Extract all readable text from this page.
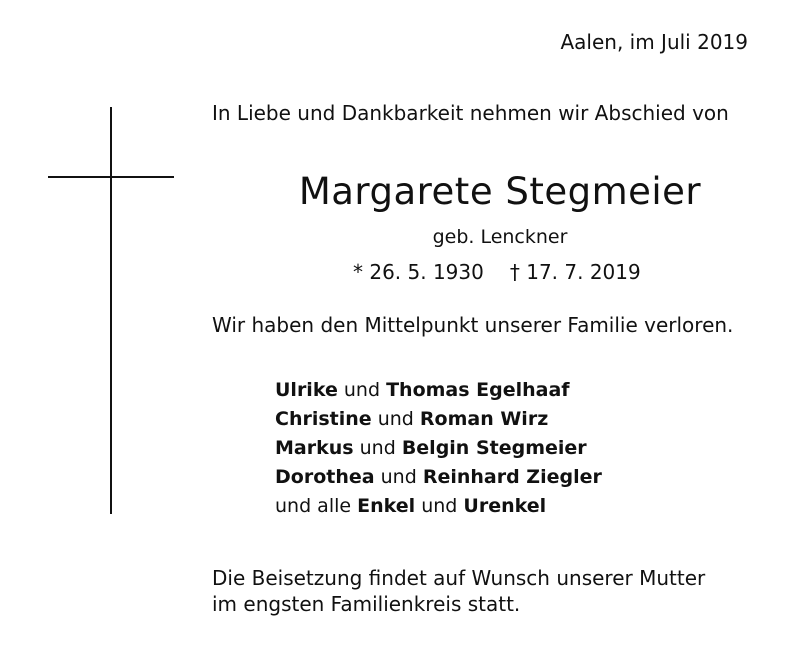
Aalen, im Juli 2019
In Liebe und Dankbarkeit nehmen wir Abschied von
Margarete Stegmeier
geb. Lenckner
* 26. 5. 1930 † 17. 7. 2019
Wir haben den Mittelpunkt unserer Familie verloren.
Ulrike und Thomas Egelhaaf
Christine und Roman Wirz
Markus und Belgin Stegmeier
Dorothea und Reinhard Ziegler
und alle Enkel und Urenkel
Die Beisetzung findet auf Wunsch unserer Mutter
im engsten Familienkreis statt.
